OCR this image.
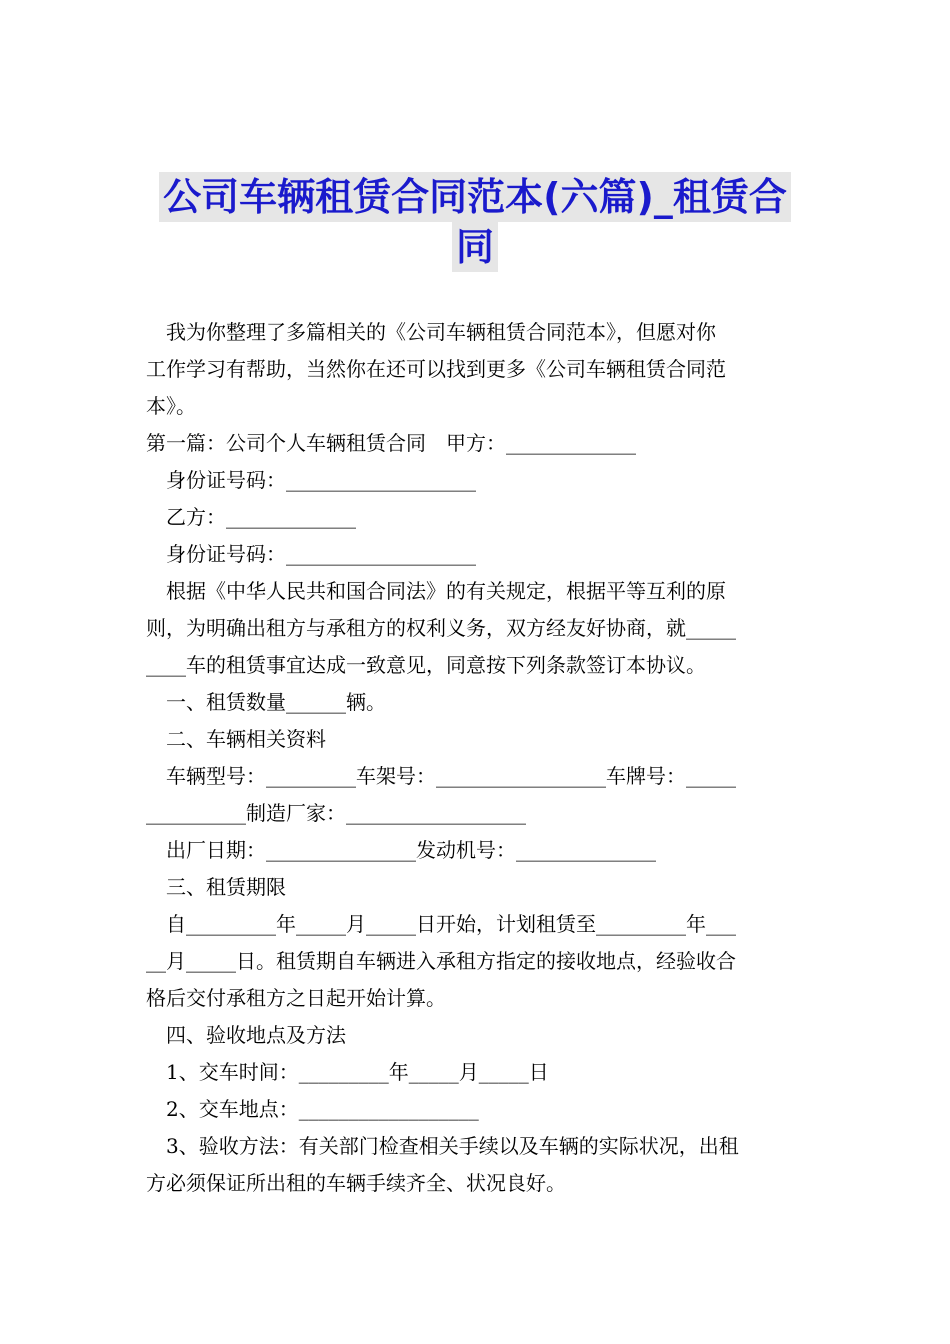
公司车辆租赁合同范本(六篇)_租赁合
同
我为你整理了多篇相关的《公司车辆租赁合同范本》，但愿对你
工作学习有帮助，当然你在还可以找到更多《公司车辆租赁合同范
本》。
第一篇：公司个人车辆租赁合同　甲方：_____________
身份证号码：___________________
乙方：_____________
身份证号码：___________________
根据《中华人民共和国合同法》的有关规定，根据平等互利的原
则，为明确出租方与承租方的权利义务，双方经友好协商，就_____
____车的租赁事宜达成一致意见，同意按下列条款签订本协议。
一、租赁数量______辆。
二、车辆相关资料
车辆型号：_________车架号：_________________车牌号：_____
__________制造厂家：__________________
出厂日期：_______________发动机号：______________
三、租赁期限
自_________年_____月_____日开始，计划租赁至_________年___
__月_____日。租赁期自车辆进入承租方指定的接收地点，经验收合
格后交付承租方之日起开始计算。
四、验收地点及方法
1、交车时间：_________年_____月_____日
2、交车地点：__________________
3、验收方法：有关部门检查相关手续以及车辆的实际状况，出租
方必须保证所出租的车辆手续齐全、状况良好。
